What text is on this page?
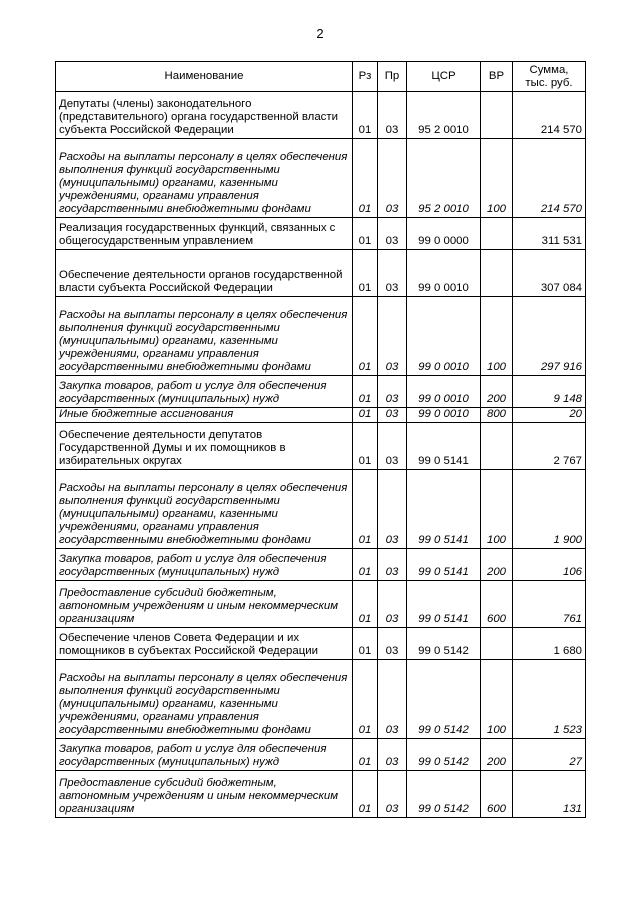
2
Наименование	Рз	Пр	ЦСР	ВР	Сумма,
тыс. руб.
Депутаты (члены) законодательного (представительного) органа государственной власти субъекта Российской Федерации	01	03	95 2 0010		214 570
Расходы на выплаты персоналу в целях обеспечения выполнения функций государственными (муниципальными) органами, казенными учреждениями, органами управления государственными внебюджетными фондами	01	03	95 2 0010	100	214 570
Реализация государственных функций, связанных с общегосударственным управлением	01	03	99 0 0000		311 531
Обеспечение деятельности органов государственной власти субъекта Российской Федерации	01	03	99 0 0010		307 084
Расходы на выплаты персоналу в целях обеспечения выполнения функций государственными (муниципальными) органами, казенными учреждениями, органами управления государственными внебюджетными фондами	01	03	99 0 0010	100	297 916
Закупка товаров, работ и услуг для обеспечения государственных (муниципальных) нужд	01	03	99 0 0010	200	9 148
Иные бюджетные ассигнования	01	03	99 0 0010	800	20
Обеспечение деятельности депутатов Государственной Думы и их помощников в избирательных округах	01	03	99 0 5141		2 767
Расходы на выплаты персоналу в целях обеспечения выполнения функций государственными (муниципальными) органами, казенными учреждениями, органами управления государственными внебюджетными фондами	01	03	99 0 5141	100	1 900
Закупка товаров, работ и услуг для обеспечения государственных (муниципальных) нужд	01	03	99 0 5141	200	106
Предоставление субсидий бюджетным, автономным учреждениям и иным некоммерческим организациям	01	03	99 0 5141	600	761
Обеспечение членов Совета Федерации и их помощников в субъектах Российской Федерации	01	03	99 0 5142		1 680
Расходы на выплаты персоналу в целях обеспечения выполнения функций государственными (муниципальными) органами, казенными учреждениями, органами управления государственными внебюджетными фондами	01	03	99 0 5142	100	1 523
Закупка товаров, работ и услуг для обеспечения государственных (муниципальных) нужд	01	03	99 0 5142	200	27
Предоставление субсидий бюджетным, автономным учреждениям и иным некоммерческим организациям	01	03	99 0 5142	600	131
